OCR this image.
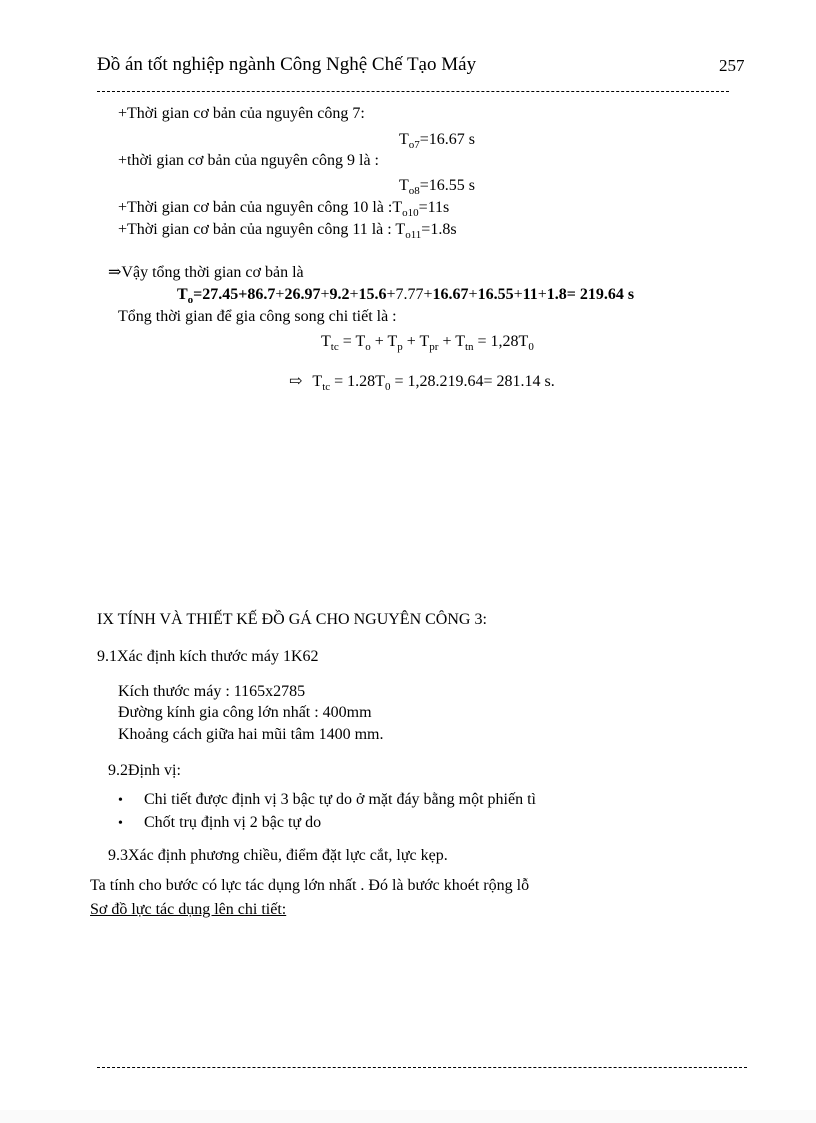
Đồ án tốt nghiệp ngành Công Nghệ Chế Tạo Máy	257
+Thời gian cơ bản của nguyên công 7:
$T_{o7}=16.67$ s
+thời gian cơ bản của nguyên công 9 là :
$T_{o8}=16.55$ s
+Thời gian cơ bản của nguyên công 10 là $:T_{o10}=11s$
+Thời gian cơ bản của nguyên công 11 là : $T_{o11}=1.8s$
⇒Vậy tổng thời gian cơ bản là
$T_o=27.45+86.7+26.97+9.2+15.6+7.77+16.67+16.55+11+1.8= 219.64$ s
Tổng thời gian để gia công song chi tiết là :
$T_{tc} = T_o + T_p + T_{pr} + T_{tn} = 1,28T_0$
⇨ $T_{tc} = 1.28T_0 = 1,28.219.64= 281.14$ s.
IX TÍNH VÀ THIẾT KẾ ĐỒ GÁ CHO NGUYÊN CÔNG 3:
9.1Xác định kích thước máy 1K62
Kích thước máy : 1165x2785
Đường kính gia công lớn nhất : 400mm
Khoảng cách giữa hai mũi tâm 1400 mm.
9.2Định vị:
• Chi tiết được định vị 3 bậc tự do ở mặt đáy bằng một phiến tì
• Chốt trụ định vị 2 bậc tự do
9.3Xác định phương chiều, điểm đặt lực cắt, lực kẹp.
Ta tính cho bước có lực tác dụng lớn nhất . Đó là bước khoét rộng lỗ
Sơ đồ lực tác dụng lên chi tiết:
